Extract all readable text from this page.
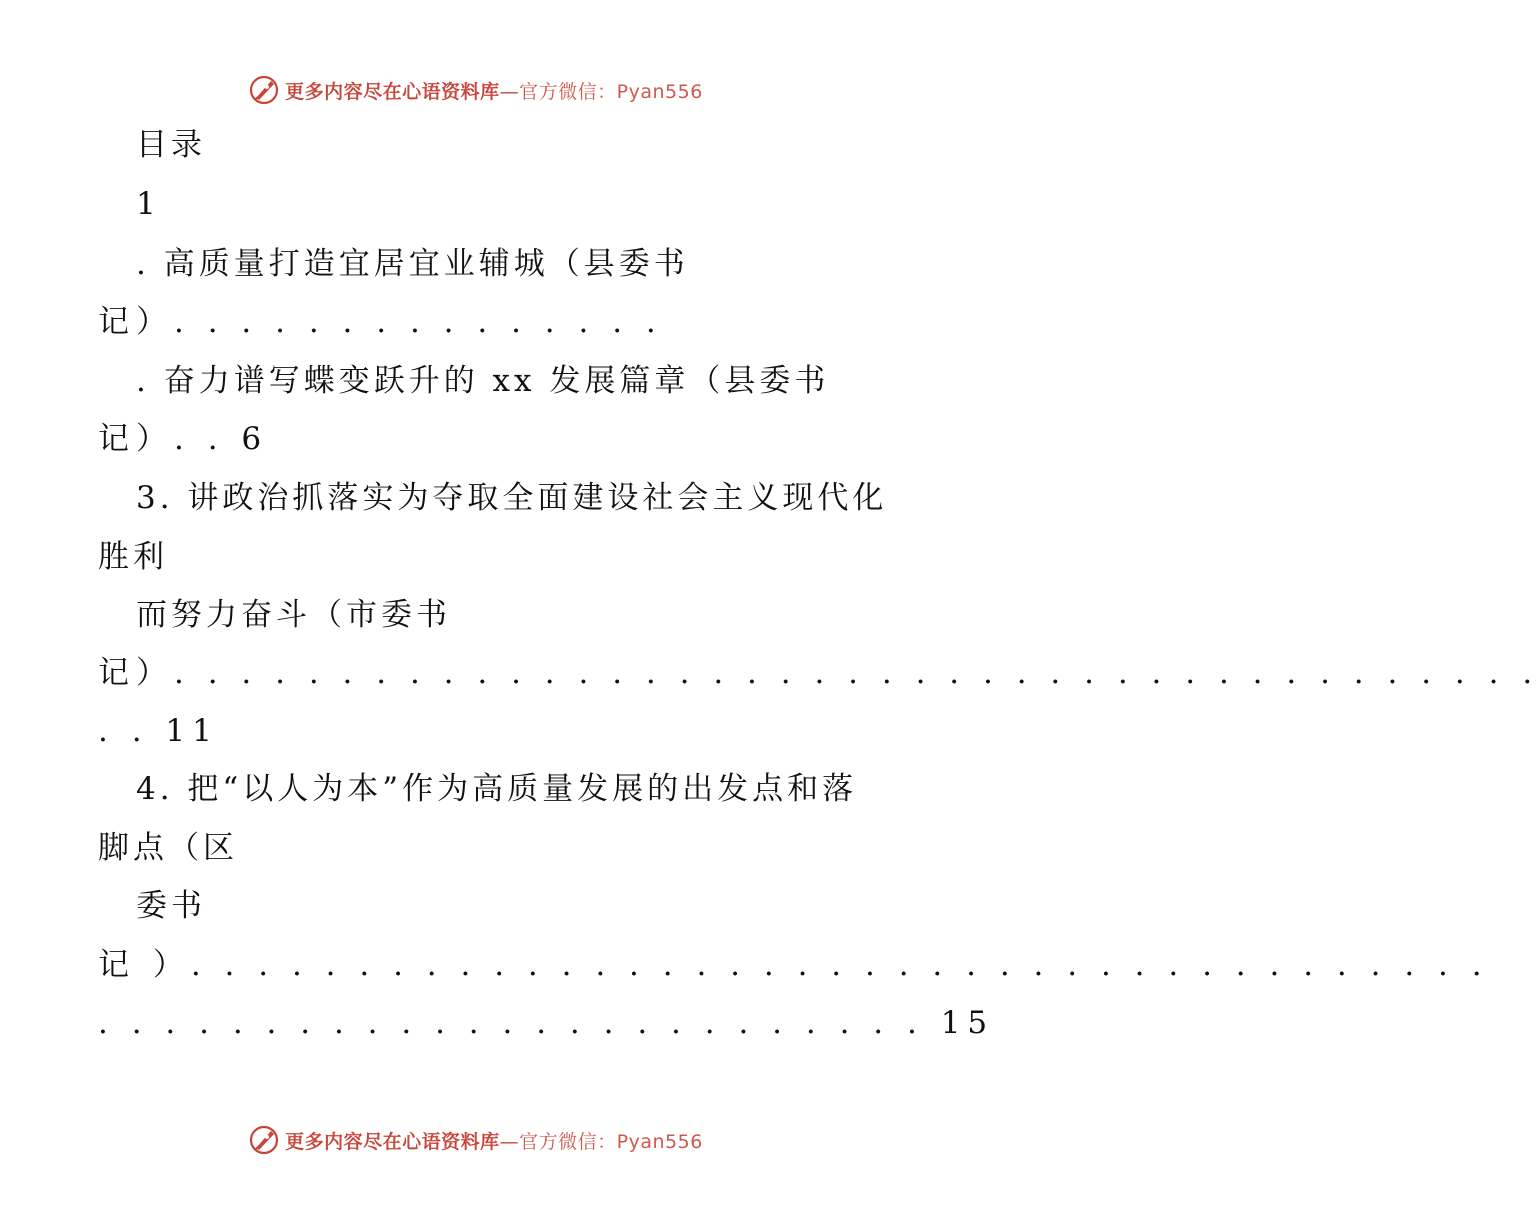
更多内容尽在心语资料库—官方微信：Pyan556
目录
1
. 高质量打造宜居宜业辅城（县委书
记）. . . . . . . . . . . . . . .
. 奋力谱写蝶变跃升的 xx 发展篇章（县委书
记）. . 6
3. 讲政治抓落实为夺取全面建设社会主义现代化
胜利
而努力奋斗（市委书
记）. . . . . . . . . . . . . . . . . . . . . . . . . . . . . . . . . . . . . . . . .
. . 11
4. 把“以人为本”作为高质量发展的出发点和落
脚点（区
委书
记 ）. . . . . . . . . . . . . . . . . . . . . . . . . . . . . . . . . . . . . . .
. . . . . . . . . . . . . . . . . . . . . . . . . 15
更多内容尽在心语资料库—官方微信：Pyan556
